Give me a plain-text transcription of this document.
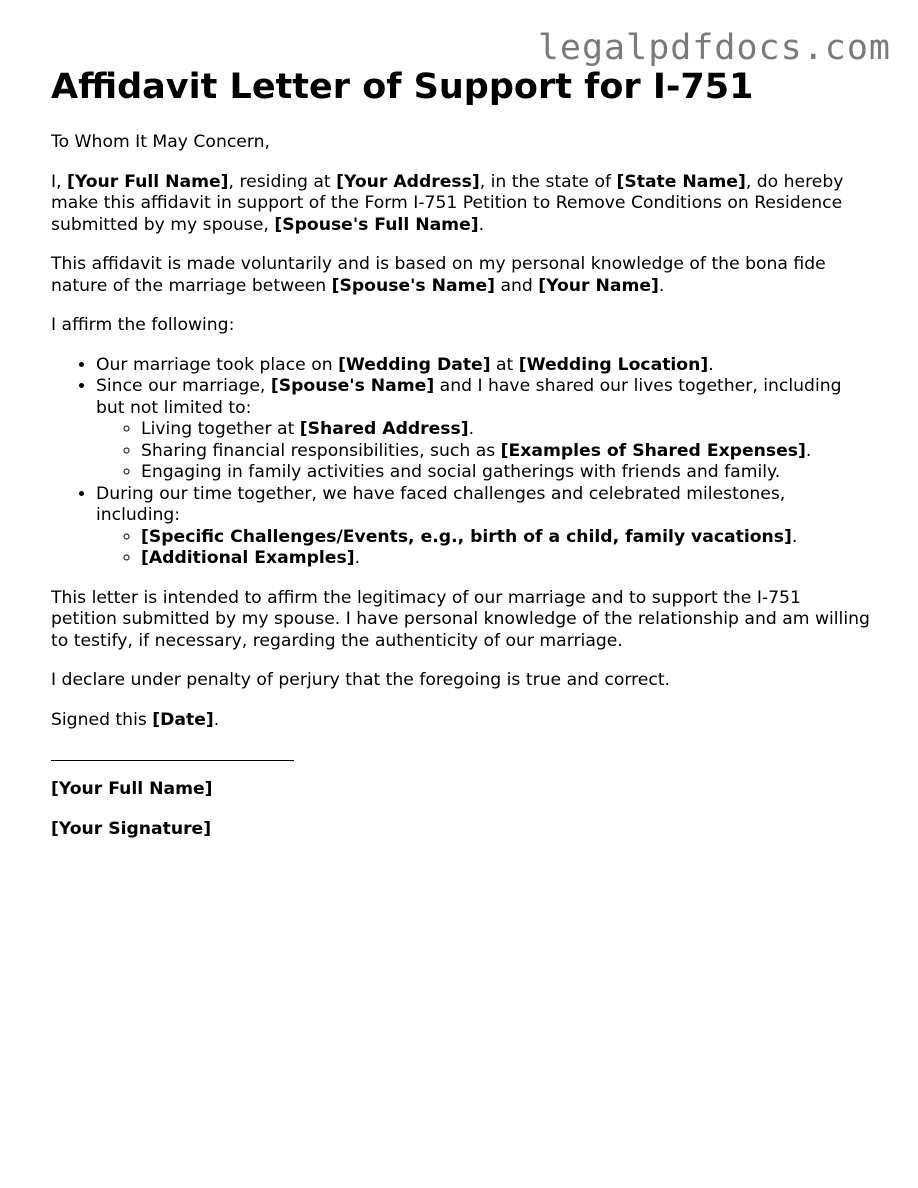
legalpdfdocs.com
Affidavit Letter of Support for I-751

To Whom It May Concern,

I, [Your Full Name], residing at [Your Address], in the state of [State Name], do hereby make this affidavit in support of the Form I-751 Petition to Remove Conditions on Residence submitted by my spouse, [Spouse's Full Name].

This affidavit is made voluntarily and is based on my personal knowledge of the bona fide nature of the marriage between [Spouse's Name] and [Your Name].

I affirm the following:

• Our marriage took place on [Wedding Date] at [Wedding Location].
• Since our marriage, [Spouse's Name] and I have shared our lives together, including but not limited to:
◦ Living together at [Shared Address].
◦ Sharing financial responsibilities, such as [Examples of Shared Expenses].
◦ Engaging in family activities and social gatherings with friends and family.
• During our time together, we have faced challenges and celebrated milestones, including:
◦ [Specific Challenges/Events, e.g., birth of a child, family vacations].
◦ [Additional Examples].

This letter is intended to affirm the legitimacy of our marriage and to support the I-751 petition submitted by my spouse. I have personal knowledge of the relationship and am willing to testify, if necessary, regarding the authenticity of our marriage.

I declare under penalty of perjury that the foregoing is true and correct.

Signed this [Date].

[Your Full Name]
[Your Signature]
